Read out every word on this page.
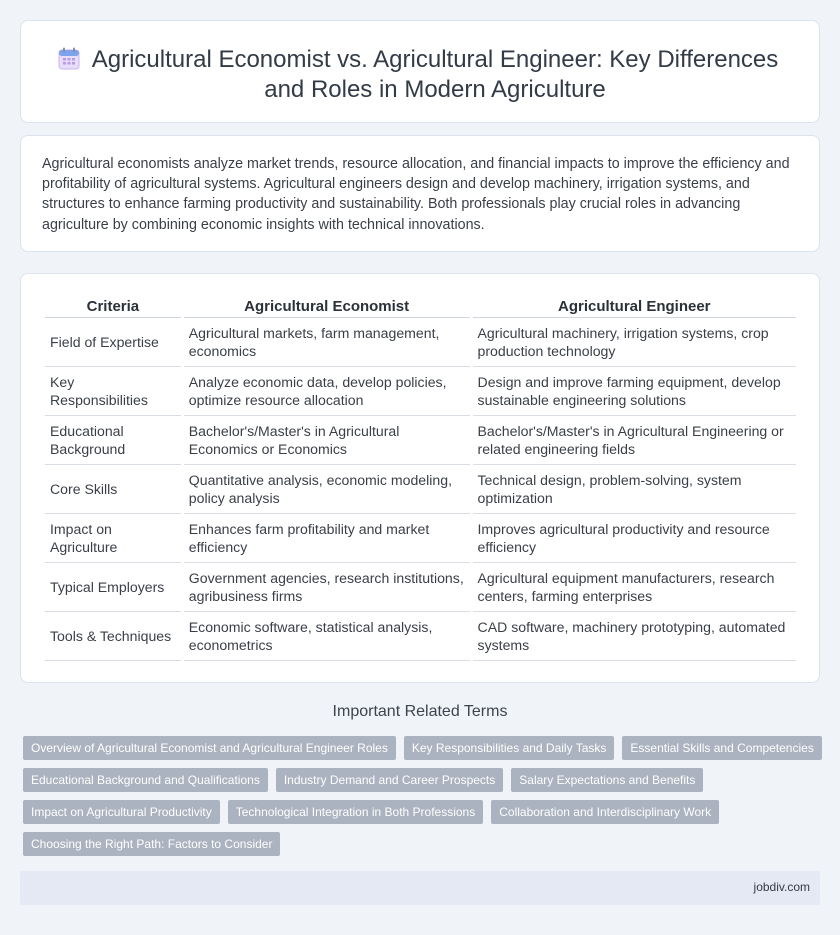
Agricultural Economist vs. Agricultural Engineer: Key Differences and Roles in Modern Agriculture

Agricultural economists analyze market trends, resource allocation, and financial impacts to improve the efficiency and profitability of agricultural systems. Agricultural engineers design and develop machinery, irrigation systems, and structures to enhance farming productivity and sustainability. Both professionals play crucial roles in advancing agriculture by combining economic insights with technical innovations.

Criteria	Agricultural Economist	Agricultural Engineer
Field of Expertise	Agricultural markets, farm management, economics	Agricultural machinery, irrigation systems, crop production technology
Key Responsibilities	Analyze economic data, develop policies, optimize resource allocation	Design and improve farming equipment, develop sustainable engineering solutions
Educational Background	Bachelor's/Master's in Agricultural Economics or Economics	Bachelor's/Master's in Agricultural Engineering or related engineering fields
Core Skills	Quantitative analysis, economic modeling, policy analysis	Technical design, problem-solving, system optimization
Impact on Agriculture	Enhances farm profitability and market efficiency	Improves agricultural productivity and resource efficiency
Typical Employers	Government agencies, research institutions, agribusiness firms	Agricultural equipment manufacturers, research centers, farming enterprises
Tools & Techniques	Economic software, statistical analysis, econometrics	CAD software, machinery prototyping, automated systems
Important Related Terms
Overview of Agricultural Economist and Agricultural Engineer Roles	Key Responsibilities and Daily Tasks	Essential Skills and Competencies
Educational Background and Qualifications	Industry Demand and Career Prospects	Salary Expectations and Benefits
Impact on Agricultural Productivity	Technological Integration in Both Professions	Collaboration and Interdisciplinary Work
Choosing the Right Path: Factors to Consider
jobdiv.com
